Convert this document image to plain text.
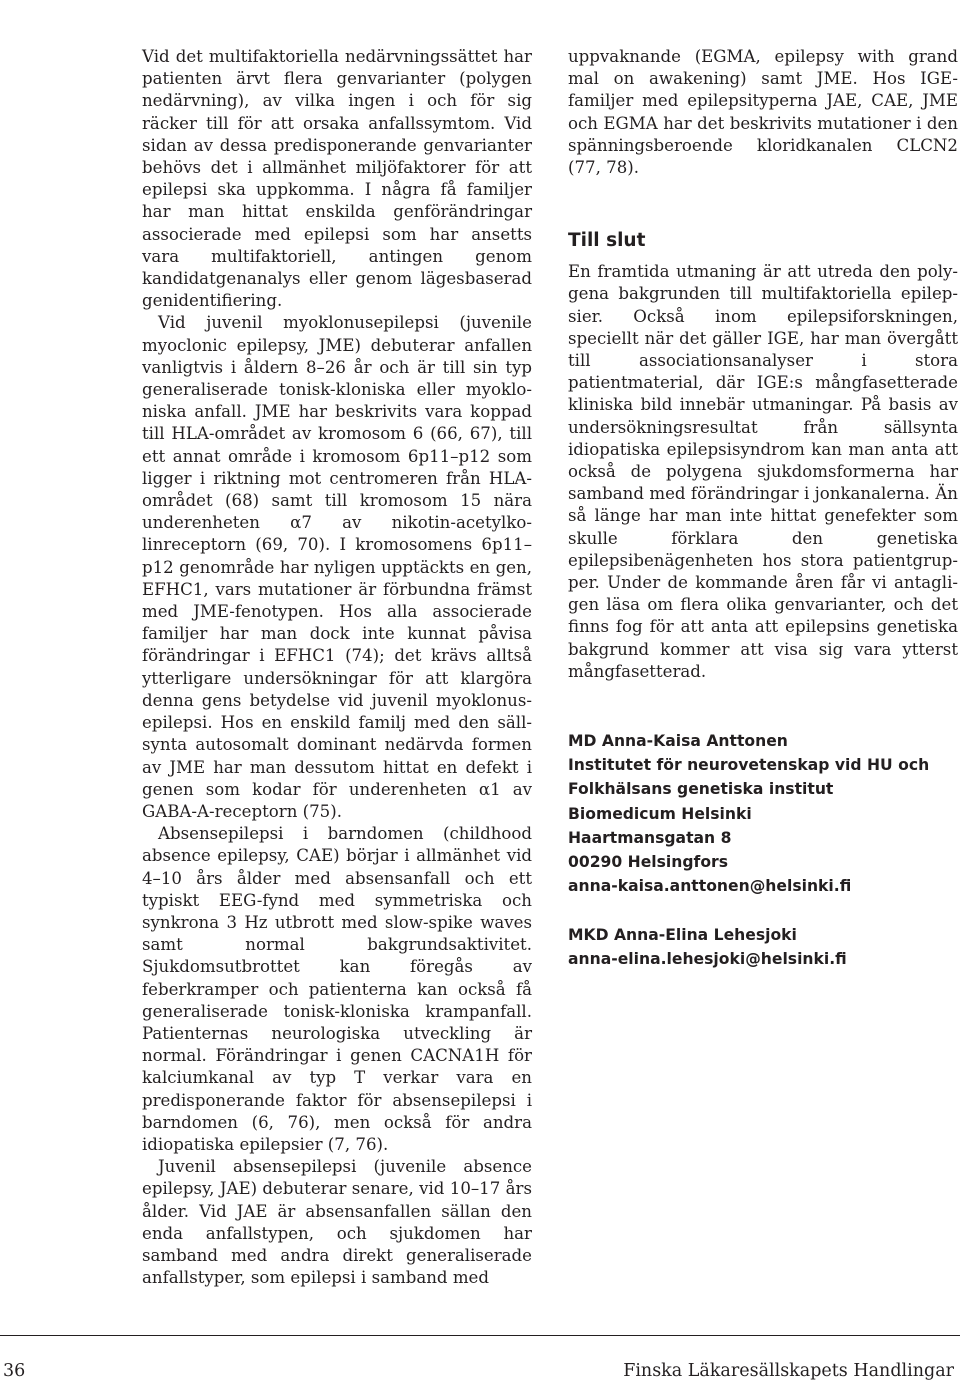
Vid det multifaktoriella nedärvningssättet har patienten ärvt flera genvarianter (polygen nedärvning), av vilka ingen i och för sig räcker till för att orsaka anfallssymtom. Vid sidan av dessa predisponerande genvarianter behövs det i allmänhet miljöfaktorer för att epilepsi ska uppkomma. I några få familjer har man hittat enskilda genförändringar associerade med epilepsi som har ansetts vara multifaktoriell, antingen genom kandidatgenanalys eller genom lägesbaserad genidentifiering.

Vid juvenil myoklonusepilepsi (juvenile myoclonic epilepsy, JME) debuterar anfallen vanligtvis i åldern 8–26 år och är till sin typ generaliserade tonisk-kloniska eller myokloniska anfall. JME har beskrivits vara koppad till HLA-området av kromosom 6 (66, 67), till ett annat område i kromosom 6p11–p12 som ligger i riktning mot centromeren från HLA-området (68) samt till kromosom 15 nära underenheten α7 av nikotin-acetylkolinreceptorn (69, 70). I kromosomens 6p11–p12 genområde har nyligen upptäckts en gen, EFHC1, vars mutationer är förbundna främst med JME-fenotypen. Hos alla associerade familjer har man dock inte kunnat påvisa förändringar i EFHC1 (74); det krävs alltså ytterligare undersökningar för att klargöra denna gens betydelse vid juvenil myoklonusepilepsi. Hos en enskild familj med den sällsynta autosomalt dominant nedärvda formen av JME har man dessutom hittat en defekt i genen som kodar för underenheten α1 av GABA-A-receptorn (75).

Absensepilepsi i barndomen (childhood absence epilepsy, CAE) börjar i allmänhet vid 4–10 års ålder med absensanfall och ett typiskt EEG-fynd med symmetriska och synkrona 3 Hz utbrott med slow-spike waves samt normal bakgrundsaktivitet. Sjukdomsutbrottet kan föregås av feberkramper och patienterna kan också få generaliserade tonisk-kloniska krampanfall. Patienternas neurologiska utveckling är normal. Förändringar i genen CACNA1H för kalciumkanal av typ T verkar vara en predisponerande faktor för absensepilepsi i barndomen (6, 76), men också för andra idiopatiska epilepsier (7, 76).

Juvenil absensepilepsi (juvenile absence epilepsy, JAE) debuterar senare, vid 10–17 års ålder. Vid JAE är absensanfallen sällan den enda anfallstypen, och sjukdomen har samband med andra direkt generaliserade anfallstyper, som epilepsi i samband med

uppvaknande (EGMA, epilepsy with grand mal on awakening) samt JME. Hos IGE-familjer med epilepsityperna JAE, CAE, JME och EGMA har det beskrivits mutationer i den spänningsberoende kloridkanalen CLCN2 (77, 78).

Till slut

En framtida utmaning är att utreda den polygena bakgrunden till multifaktoriella epilepsier. Också inom epilepsiforskningen, speciellt när det gäller IGE, har man övergått till associationsanalyser i stora patientmaterial, där IGE:s mångfasetterade kliniska bild innebär utmaningar. På basis av undersökningsresultat från sällsynta idiopatiska epilepsisyndrom kan man anta att också de polygena sjukdomsformerna har samband med förändringar i jonkanalerna. Än så länge har man inte hittat genefekter som skulle förklara den genetiska epilepsibenägenheten hos stora patientgrupper. Under de kommande åren får vi antagligen läsa om flera olika genvarianter, och det finns fog för att anta att epilepsins genetiska bakgrund kommer att visa sig vara ytterst mångfasetterad.

MD Anna-Kaisa Anttonen
Institutet för neurovetenskap vid HU och
Folkhälsans genetiska institut
Biomedicum Helsinki
Haartmansgatan 8
00290 Helsingfors
anna-kaisa.anttonen@helsinki.fi
MKD Anna-Elina Lehesjoki
anna-elina.lehesjoki@helsinki.fi
36	Finska Läkaresällskapets Handlingar
